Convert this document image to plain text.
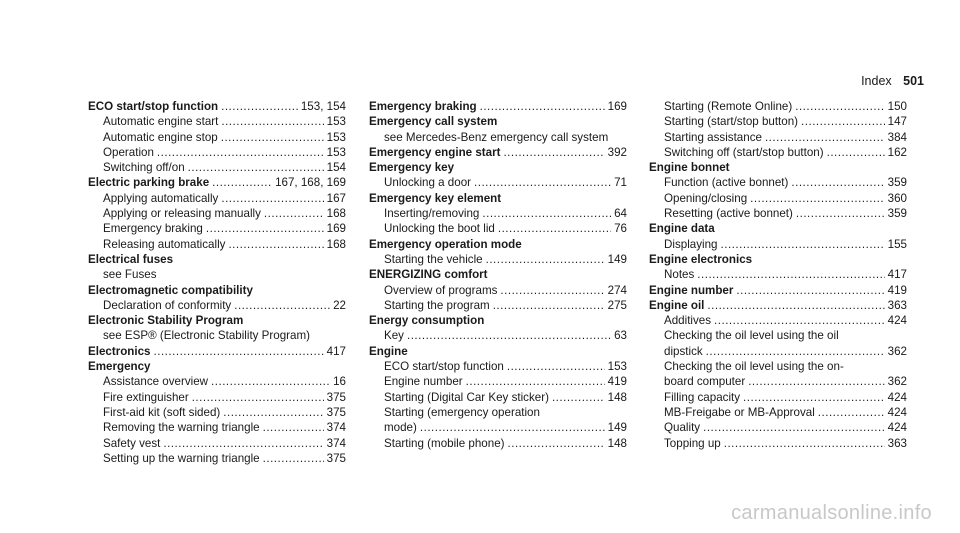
Index 501
ECO start/stop function .....	153, 154
Automatic engine start .....	153
Automatic engine stop .....	153
Operation .....	153
Switching off/on .....	154
Electric parking brake .....	167, 168, 169
Applying automatically .....	167
Applying or releasing manually .....	168
Emergency braking .....	169
Releasing automatically .....	168
Electrical fuses
see Fuses
Electromagnetic compatibility
Declaration of conformity .....	22
Electronic Stability Program
see ESP® (Electronic Stability Program)
Electronics .....	417
Emergency
Assistance overview .....	16
Fire extinguisher .....	375
First-aid kit (soft sided) .....	375
Removing the warning triangle .....	374
Safety vest .....	374
Setting up the warning triangle .....	375
Emergency braking .....	169
Emergency call system
see Mercedes-Benz emergency call system
Emergency engine start .....	392
Emergency key
Unlocking a door .....	71
Emergency key element
Inserting/removing .....	64
Unlocking the boot lid .....	76
Emergency operation mode
Starting the vehicle .....	149
ENERGIZING comfort
Overview of programs .....	274
Starting the program .....	275
Energy consumption
Key .....	63
Engine
ECO start/stop function .....	153
Engine number .....	419
Starting (Digital Car Key sticker) .....	148
Starting (emergency operation
mode) .....	149
Starting (mobile phone) .....	148
Starting (Remote Online) .....	150
Starting (start/stop button) .....	147
Starting assistance .....	384
Switching off (start/stop button) .....	162
Engine bonnet
Function (active bonnet) .....	359
Opening/closing .....	360
Resetting (active bonnet) .....	359
Engine data
Displaying .....	155
Engine electronics
Notes .....	417
Engine number .....	419
Engine oil .....	363
Additives .....	424
Checking the oil level using the oil
dipstick .....	362
Checking the oil level using the on-
board computer .....	362
Filling capacity .....	424
MB-Freigabe or MB-Approval .....	424
Quality .....	424
Topping up .....	363
carmanualsonline.info
